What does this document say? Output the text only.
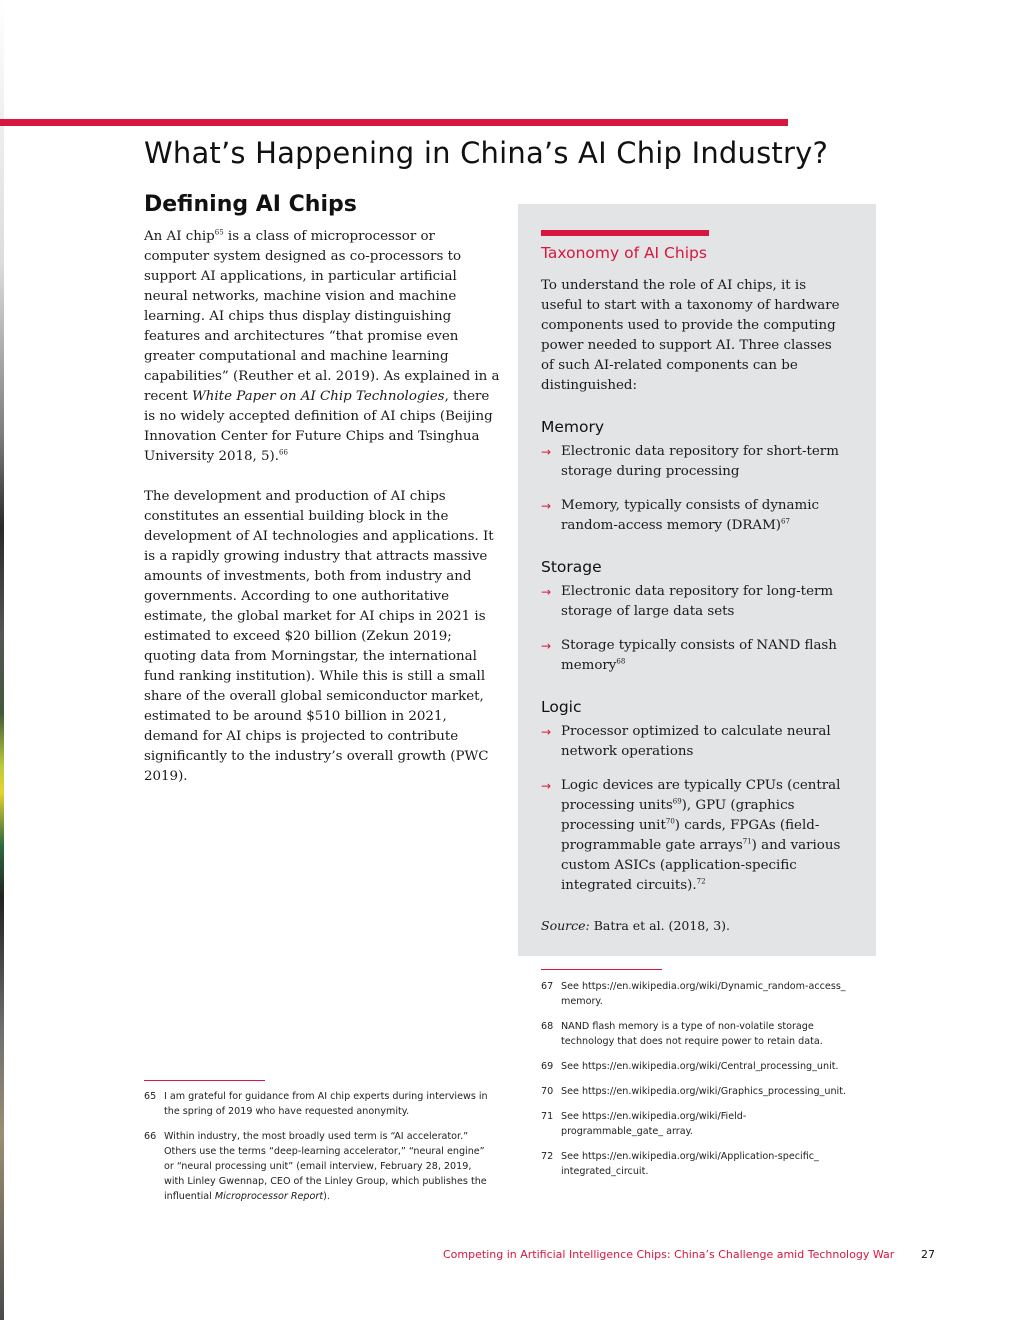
What’s Happening in China’s AI Chip Industry?
Defining AI Chips

An AI chip$^{65}$ is a class of microprocessor or computer system designed as co-processors to support AI applications, in particular artificial neural networks, machine vision and machine learning. AI chips thus display distinguishing features and architectures “that promise even greater computational and machine learning capabilities” (Reuther et al. 2019). As explained in a recent White Paper on AI Chip Technologies, there is no widely accepted definition of AI chips (Beijing Innovation Center for Future Chips and Tsinghua University 2018, 5).$^{66}$

The development and production of AI chips constitutes an essential building block in the development of AI technologies and applications. It is a rapidly growing industry that attracts massive amounts of investments, both from industry and governments. According to one authoritative estimate, the global market for AI chips in 2021 is estimated to exceed $20 billion (Zekun 2019; quoting data from Morningstar, the international fund ranking institution). While this is still a small share of the overall global semiconductor market, estimated to be around $510 billion in 2021, demand for AI chips is projected to contribute significantly to the industry’s overall growth (PWC 2019).

65 I am grateful for guidance from AI chip experts during interviews in the spring of 2019 who have requested anonymity.
66 Within industry, the most broadly used term is “AI accelerator.” Others use the terms “deep-learning accelerator,” “neural engine” or “neural processing unit” (email interview, February 28, 2019, with Linley Gwennap, CEO of the Linley Group, which publishes the influential Microprocessor Report).
Taxonomy of AI Chips

To understand the role of AI chips, it is useful to start with a taxonomy of hardware components used to provide the computing power needed to support AI. Three classes of such AI-related components can be distinguished:

Memory
→ Electronic data repository for short-term storage during processing
→ Memory, typically consists of dynamic random-access memory (DRAM)$^{67}$
Storage
→ Electronic data repository for long-term storage of large data sets
→ Storage typically consists of NAND flash memory$^{68}$
Logic
→ Processor optimized to calculate neural network operations
→ Logic devices are typically CPUs (central processing units$^{69}$), GPU (graphics processing unit$^{70}$) cards, FPGAs (field-programmable gate arrays$^{71}$) and various custom ASICs (application-specific integrated circuits).$^{72}$

Source: Batra et al. (2018, 3).

67 See https://en.wikipedia.org/wiki/Dynamic_random-access_ memory.
68 NAND flash memory is a type of non-volatile storage technology that does not require power to retain data.
69 See https://en.wikipedia.org/wiki/Central_processing_unit.
70 See https://en.wikipedia.org/wiki/Graphics_processing_unit.
71 See https://en.wikipedia.org/wiki/Field-programmable_gate_ array.
72 See https://en.wikipedia.org/wiki/Application-specific_ integrated_circuit.
Competing in Artificial Intelligence Chips: China’s Challenge amid Technology War 27
